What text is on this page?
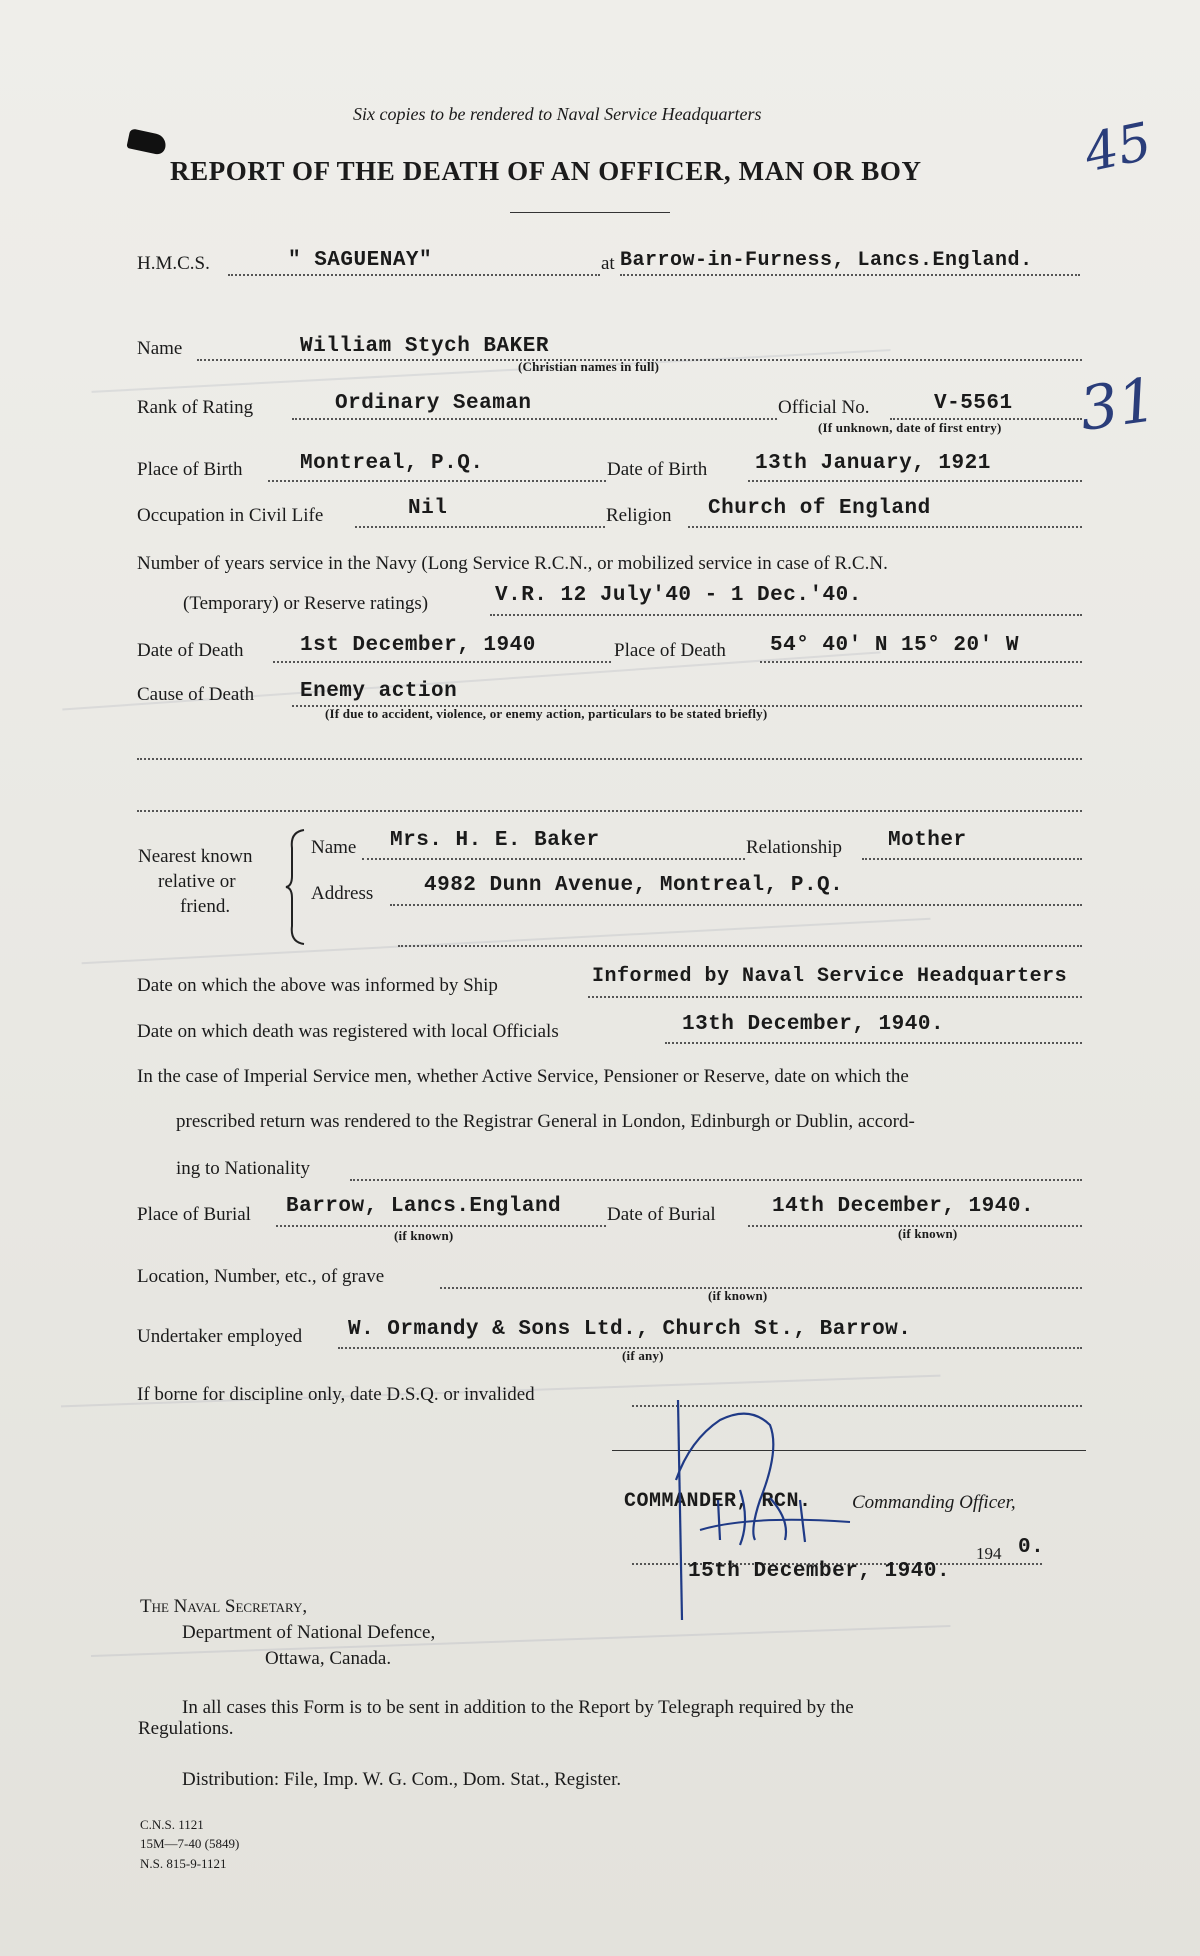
Six copies to be rendered to Naval Service Headquarters
REPORT OF THE DEATH OF AN OFFICER, MAN OR BOY	45
31
H.M.C.S.	" SAGUENAY"	at Barrow-in-Furness, Lancs.England.
Name	William Stych BAKER
(Christian names in full)
Rank of Rating	Ordinary Seaman	Official No.	V-5561
(If unknown, date of first entry)
Place of Birth	Montreal, P.Q.	Date of Birth 13th January, 1921
Occupation in Civil Life	Nil	Religion Church of England
Number of years service in the Navy (Long Service R.C.N., or mobilized service in case of R.C.N.
(Temporary) or Reserve ratings)	V.R. 12 July'40 - 1 Dec.'40.
Date of Death	1st December, 1940	Place of Death 54° 40' N 15° 20' W
Cause of Death Enemy action
(If due to accident, violence, or enemy action, particulars to be stated briefly)
Nearest known
relative or
friend.
Name Mrs. H. E. Baker	Relationship Mother
Address 4982 Dunn Avenue, Montreal, P.Q.
Date on which the above was informed by Ship	Informed by Naval Service Headquarters
Date on which death was registered with local Officials	13th December, 1940.
In the case of Imperial Service men, whether Active Service, Pensioner or Reserve, date on which the
prescribed return was rendered to the Registrar General in London, Edinburgh or Dublin, accord-
ing to Nationality
Place of Burial Barrow, Lancs.England
(if known)
Date of Burial	14th December, 1940.
(if known)
Location, Number, etc., of grave
(if known)
Undertaker employed W. Ormandy & Sons Ltd., Church St., Barrow.
(if any)
If borne for discipline only, date D.S.Q. or invalided
COMMANDER, RCN. Commanding Officer,
194 0.
15th December, 1940.
The Naval Secretary,
Department of National Defence,
Ottawa, Canada.
In all cases this Form is to be sent in addition to the Report by Telegraph required by the
Regulations.
Distribution: File, Imp. W. G. Com., Dom. Stat., Register.
C.N.S. 1121
15M—7-40 (5849)
N.S. 815-9-1121
